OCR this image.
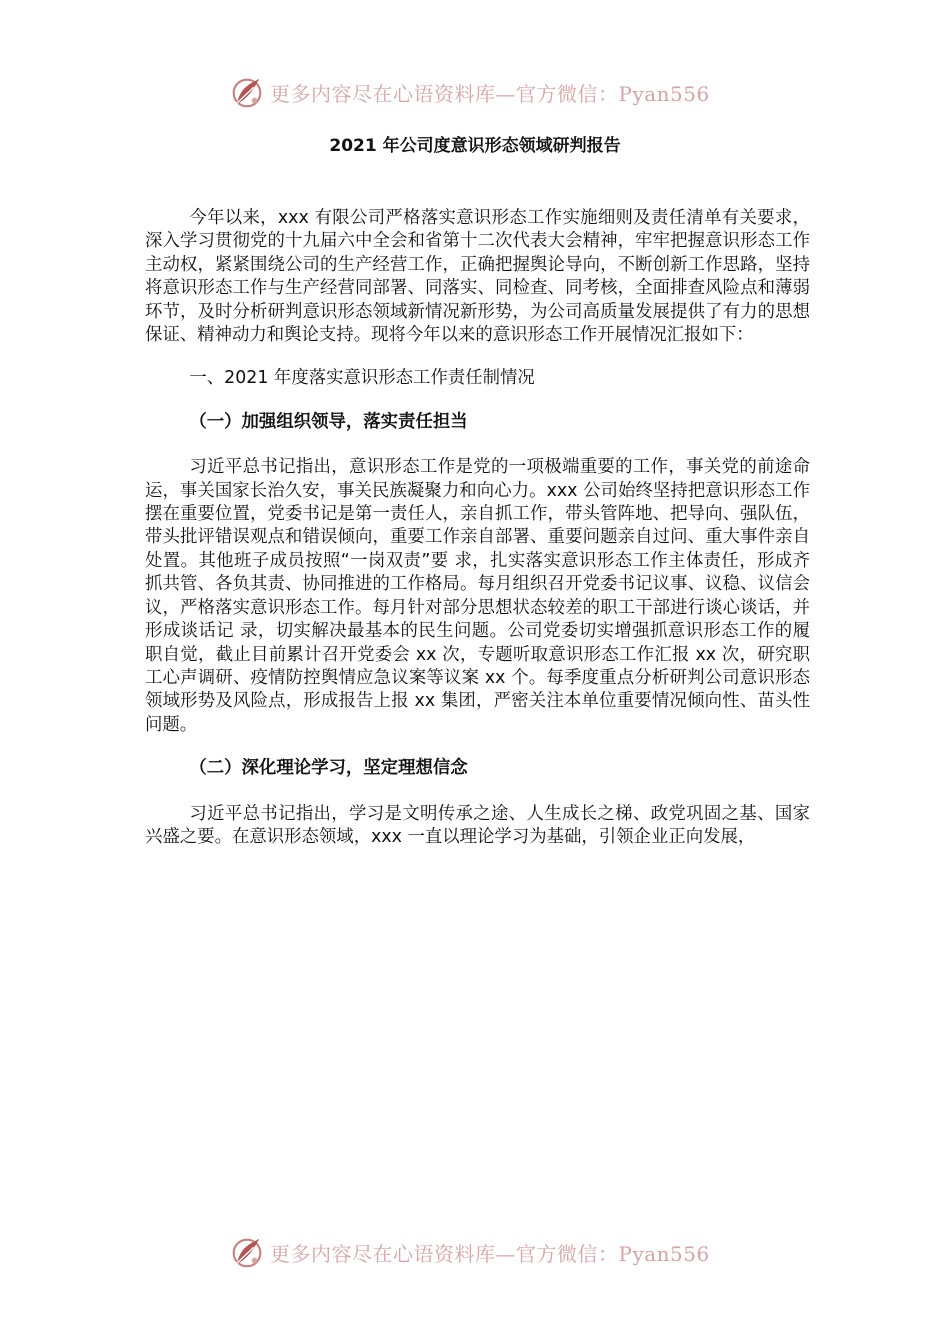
更多内容尽在心语资料库—官方微信：Pyan556
2021 年公司度意识形态领域研判报告

今年以来，xxx 有限公司严格落实意识形态工作实施细则及责任清单有关要求，深入学习贯彻党的十九届六中全会和省第十二次代表大会精神，牢牢把握意识形态工作主动权，紧紧围绕公司的生产经营工作，正确把握舆论导向，不断创新工作思路，坚持将意识形态工作与生产经营同部署、同落实、同检查、同考核，全面排查风险点和薄弱环节，及时分析研判意识形态领域新情况新形势，为公司高质量发展提供了有力的思想保证、精神动力和舆论支持。现将今年以来的意识形态工作开展情况汇报如下：

一、2021 年度落实意识形态工作责任制情况

（一）加强组织领导，落实责任担当

习近平总书记指出，意识形态工作是党的一项极端重要的工作，事关党的前途命运，事关国家长治久安，事关民族凝聚力和向心力。xxx 公司始终坚持把意识形态工作摆在重要位置，党委书记是第一责任人，亲自抓工作，带头管阵地、把导向、强队伍，带头批评错误观点和错误倾向，重要工作亲自部署、重要问题亲自过问、重大事件亲自处置。其他班子成员按照“一岗双责”要 求，扎实落实意识形态工作主体责任，形成齐抓共管、各负其责、协同推进的工作格局。每月组织召开党委书记议事、议稳、议信会议，严格落实意识形态工作。每月针对部分思想状态较差的职工干部进行谈心谈话，并形成谈话记 录，切实解决最基本的民生问题。公司党委切实增强抓意识形态工作的履职自觉，截止目前累计召开党委会 xx 次，专题听取意识形态工作汇报 xx 次，研究职工心声调研、疫情防控舆情应急议案等议案 xx 个。每季度重点分析研判公司意识形态领域形势及风险点，形成报告上报 xx 集团，严密关注本单位重要情况倾向性、苗头性问题。

（二）深化理论学习，坚定理想信念

习近平总书记指出，学习是文明传承之途、人生成长之梯、政党巩固之基、国家兴盛之要。在意识形态领域，xxx 一直以理论学习为基础，引领企业正向发展，

更多内容尽在心语资料库—官方微信：Pyan556
